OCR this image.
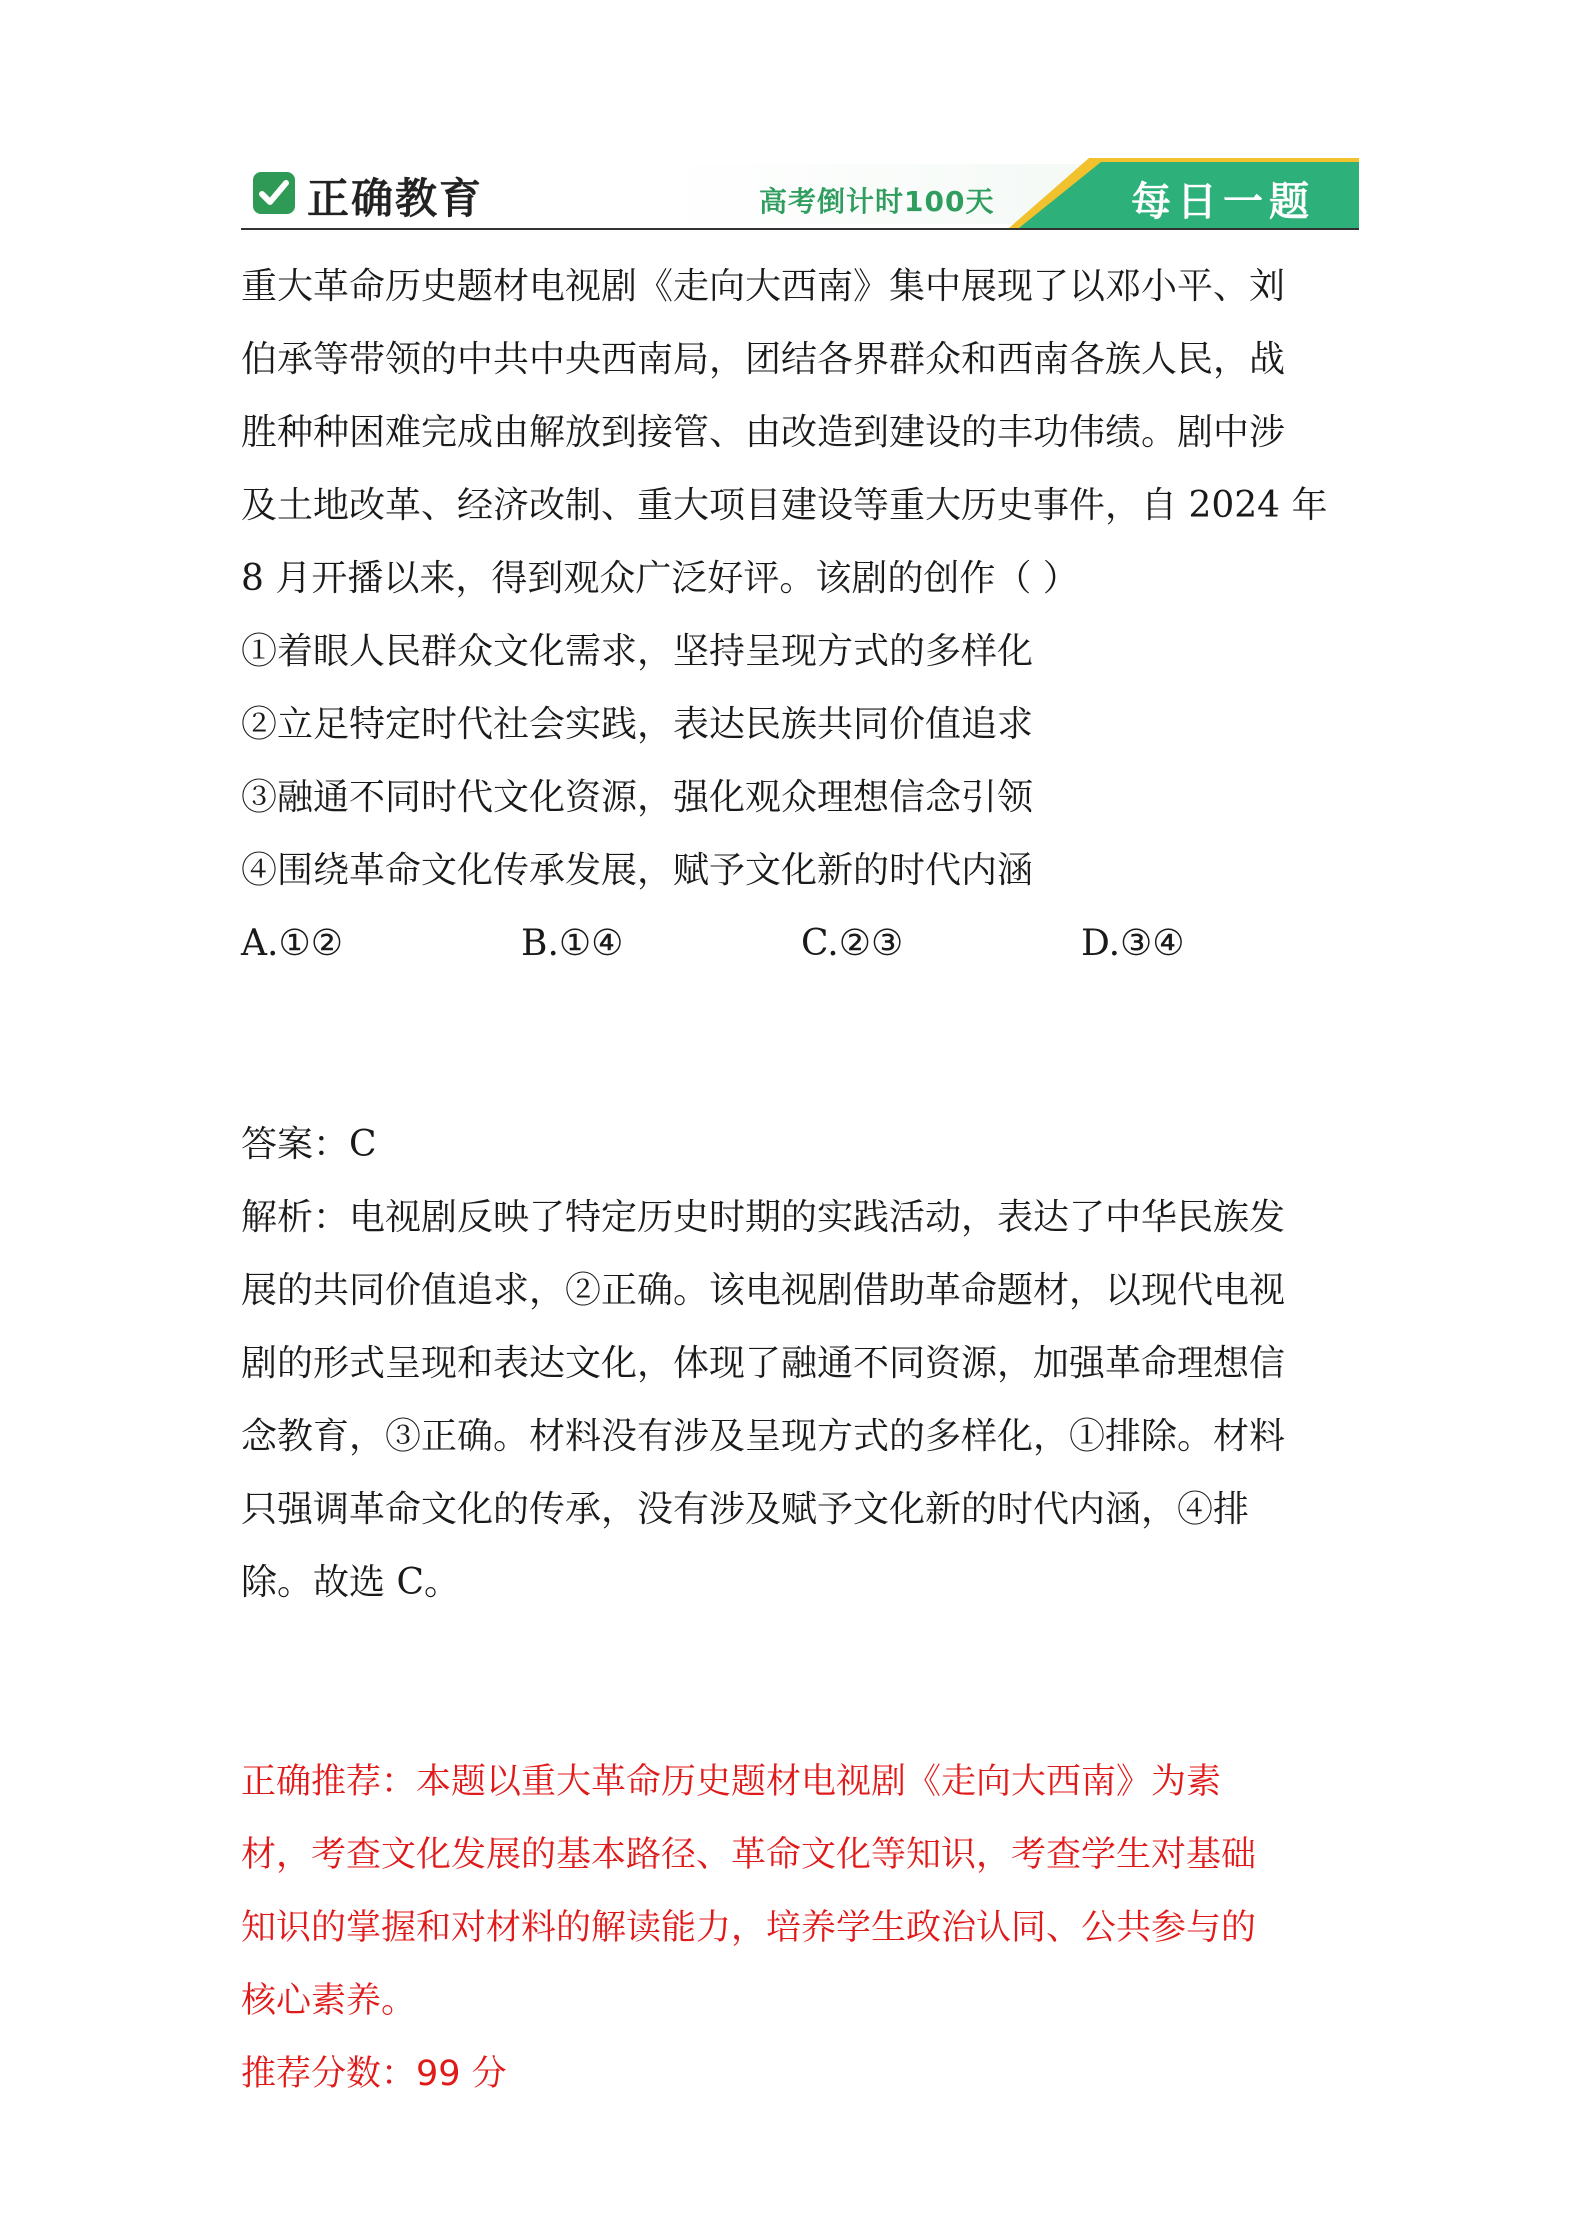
正确教育	高考倒计时100天	每日一题
重大革命历史题材电视剧《走向大西南》集中展现了以邓小平、刘
伯承等带领的中共中央西南局，团结各界群众和西南各族人民，战
胜种种困难完成由解放到接管、由改造到建设的丰功伟绩。剧中涉
及土地改革、经济改制、重大项目建设等重大历史事件，自 2024 年
8 月开播以来，得到观众广泛好评。该剧的创作（ ）
①着眼人民群众文化需求，坚持呈现方式的多样化
②立足特定时代社会实践，表达民族共同价值追求
③融通不同时代文化资源，强化观众理想信念引领
④围绕革命文化传承发展，赋予文化新的时代内涵
A.①②	B.①④	C.②③	D.③④
答案：C
解析：电视剧反映了特定历史时期的实践活动，表达了中华民族发
展的共同价值追求，②正确。该电视剧借助革命题材，以现代电视
剧的形式呈现和表达文化，体现了融通不同资源，加强革命理想信
念教育，③正确。材料没有涉及呈现方式的多样化，①排除。材料
只强调革命文化的传承，没有涉及赋予文化新的时代内涵，④排
除。故选 C。
正确推荐：本题以重大革命历史题材电视剧《走向大西南》为素
材，考查文化发展的基本路径、革命文化等知识，考查学生对基础
知识的掌握和对材料的解读能力，培养学生政治认同、公共参与的
核心素养。
推荐分数：99 分
